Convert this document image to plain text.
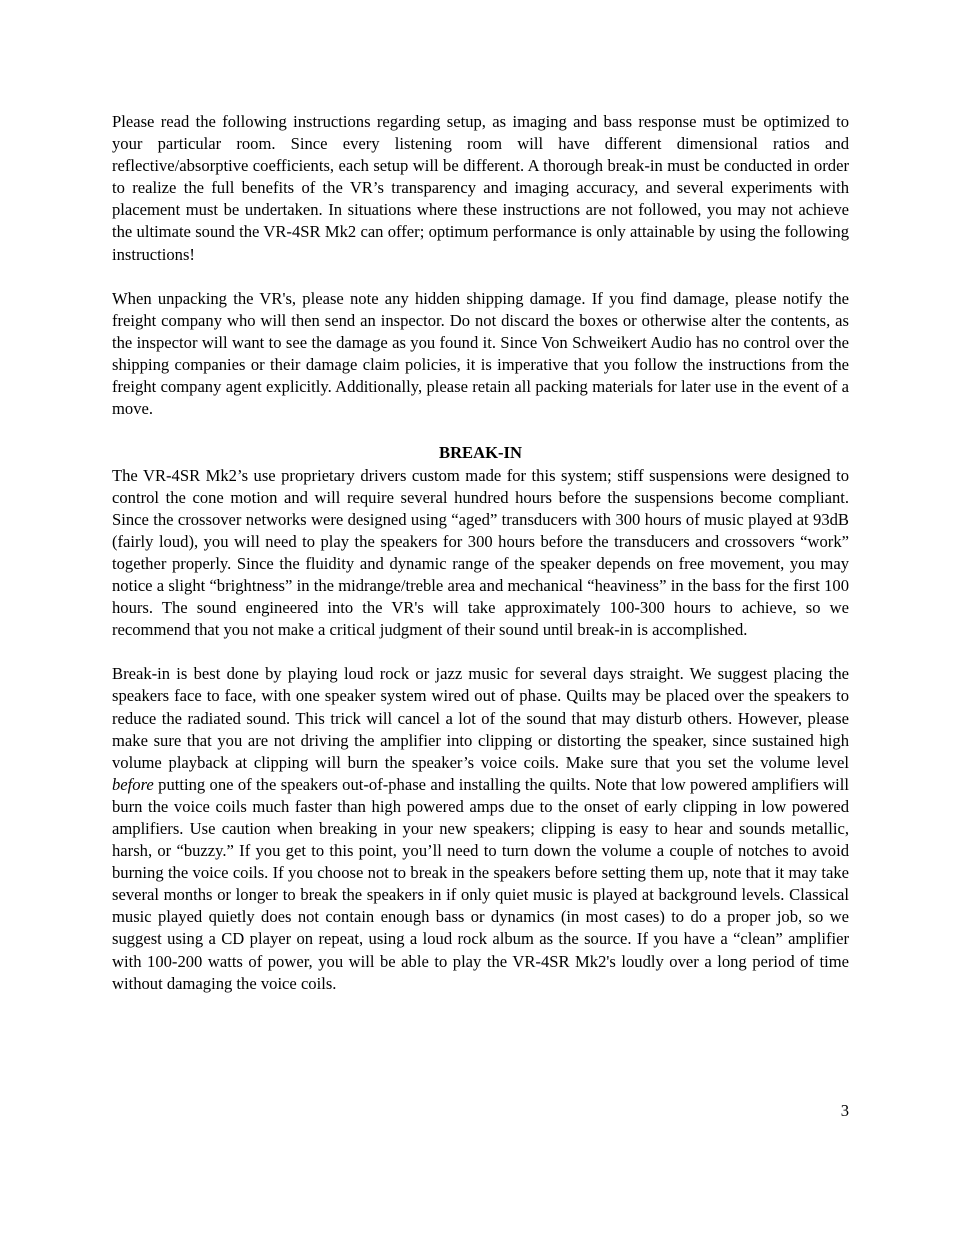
Please read the following instructions regarding setup, as imaging and bass response must be optimized to your particular room. Since every listening room will have different dimensional ratios and reflective/absorptive coefficients, each setup will be different. A thorough break-in must be conducted in order to realize the full benefits of the VR’s transparency and imaging accuracy, and several experiments with placement must be undertaken. In situations where these instructions are not followed, you may not achieve the ultimate sound the VR-4SR Mk2 can offer; optimum performance is only attainable by using the following instructions!

When unpacking the VR's, please note any hidden shipping damage. If you find damage, please notify the freight company who will then send an inspector. Do not discard the boxes or otherwise alter the contents, as the inspector will want to see the damage as you found it. Since Von Schweikert Audio has no control over the shipping companies or their damage claim policies, it is imperative that you follow the instructions from the freight company agent explicitly. Additionally, please retain all packing materials for later use in the event of a move.

BREAK-IN

The VR-4SR Mk2’s use proprietary drivers custom made for this system; stiff suspensions were designed to control the cone motion and will require several hundred hours before the suspensions become compliant. Since the crossover networks were designed using “aged” transducers with 300 hours of music played at 93dB (fairly loud), you will need to play the speakers for 300 hours before the transducers and crossovers “work” together properly. Since the fluidity and dynamic range of the speaker depends on free movement, you may notice a slight “brightness” in the midrange/treble area and mechanical “heaviness” in the bass for the first 100 hours. The sound engineered into the VR's will take approximately 100-300 hours to achieve, so we recommend that you not make a critical judgment of their sound until break-in is accomplished.

Break-in is best done by playing loud rock or jazz music for several days straight. We suggest placing the speakers face to face, with one speaker system wired out of phase. Quilts may be placed over the speakers to reduce the radiated sound. This trick will cancel a lot of the sound that may disturb others. However, please make sure that you are not driving the amplifier into clipping or distorting the speaker, since sustained high volume playback at clipping will burn the speaker’s voice coils. Make sure that you set the volume level before putting one of the speakers out-of-phase and installing the quilts. Note that low powered amplifiers will burn the voice coils much faster than high powered amps due to the onset of early clipping in low powered amplifiers. Use caution when breaking in your new speakers; clipping is easy to hear and sounds metallic, harsh, or “buzzy.” If you get to this point, you’ll need to turn down the volume a couple of notches to avoid burning the voice coils. If you choose not to break in the speakers before setting them up, note that it may take several months or longer to break the speakers in if only quiet music is played at background levels. Classical music played quietly does not contain enough bass or dynamics (in most cases) to do a proper job, so we suggest using a CD player on repeat, using a loud rock album as the source. If you have a “clean” amplifier with 100-200 watts of power, you will be able to play the VR-4SR Mk2's loudly over a long period of time without damaging the voice coils.

3
